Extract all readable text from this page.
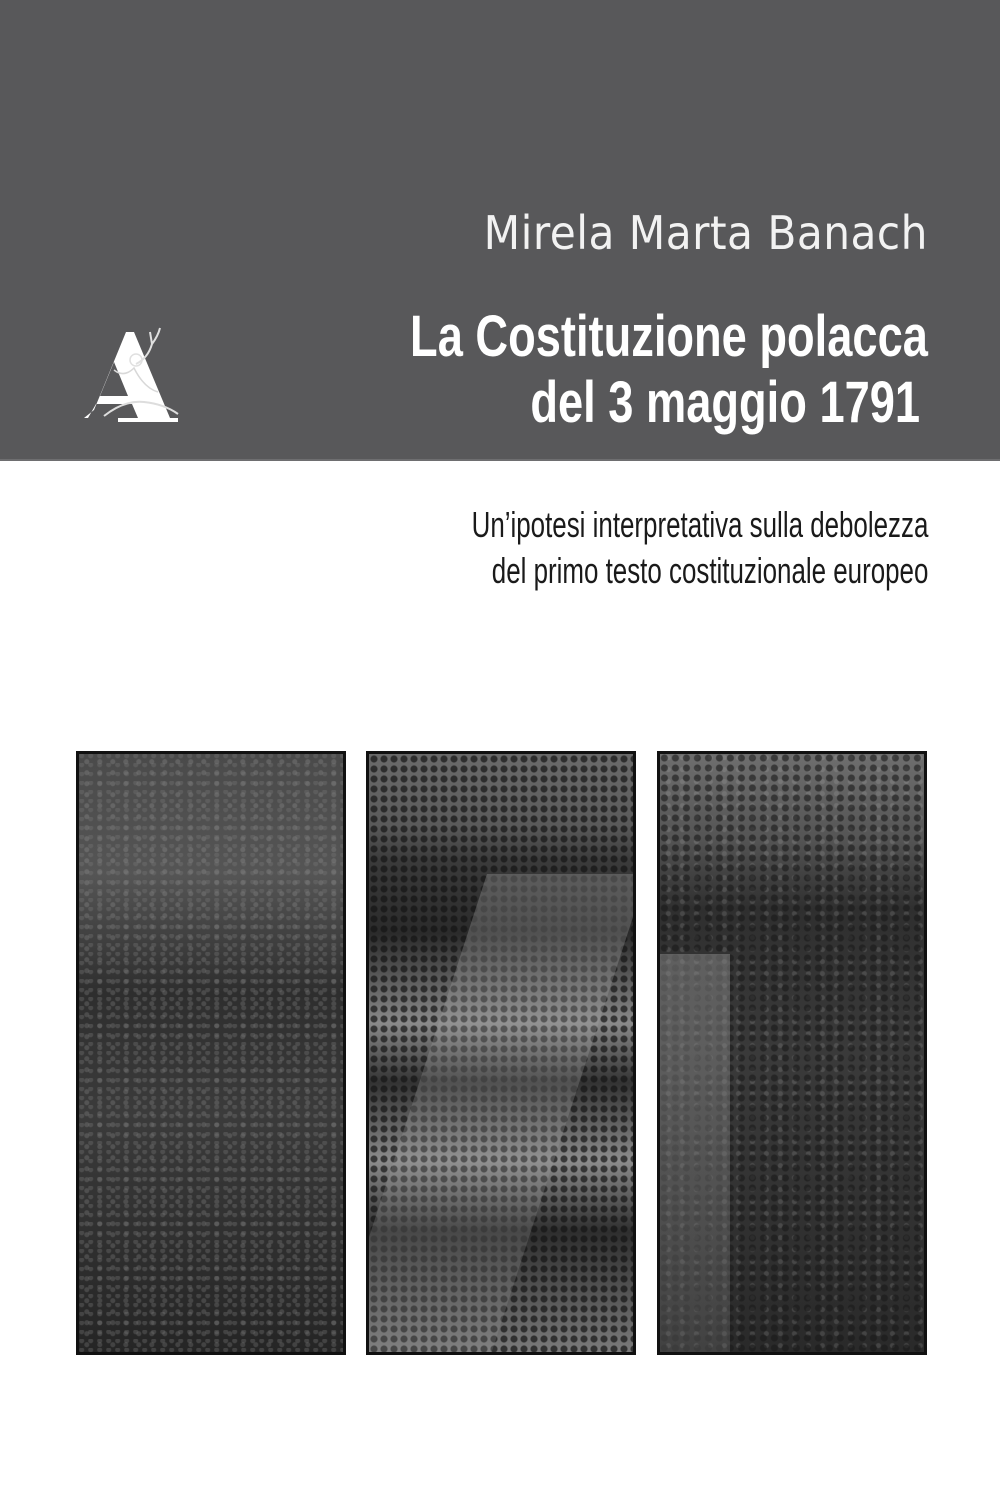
Mirela Marta Banach
La Costituzione polacca
del 3 maggio 1791
Un’ipotesi interpretativa sulla debolezza
del primo testo costituzionale europeo
